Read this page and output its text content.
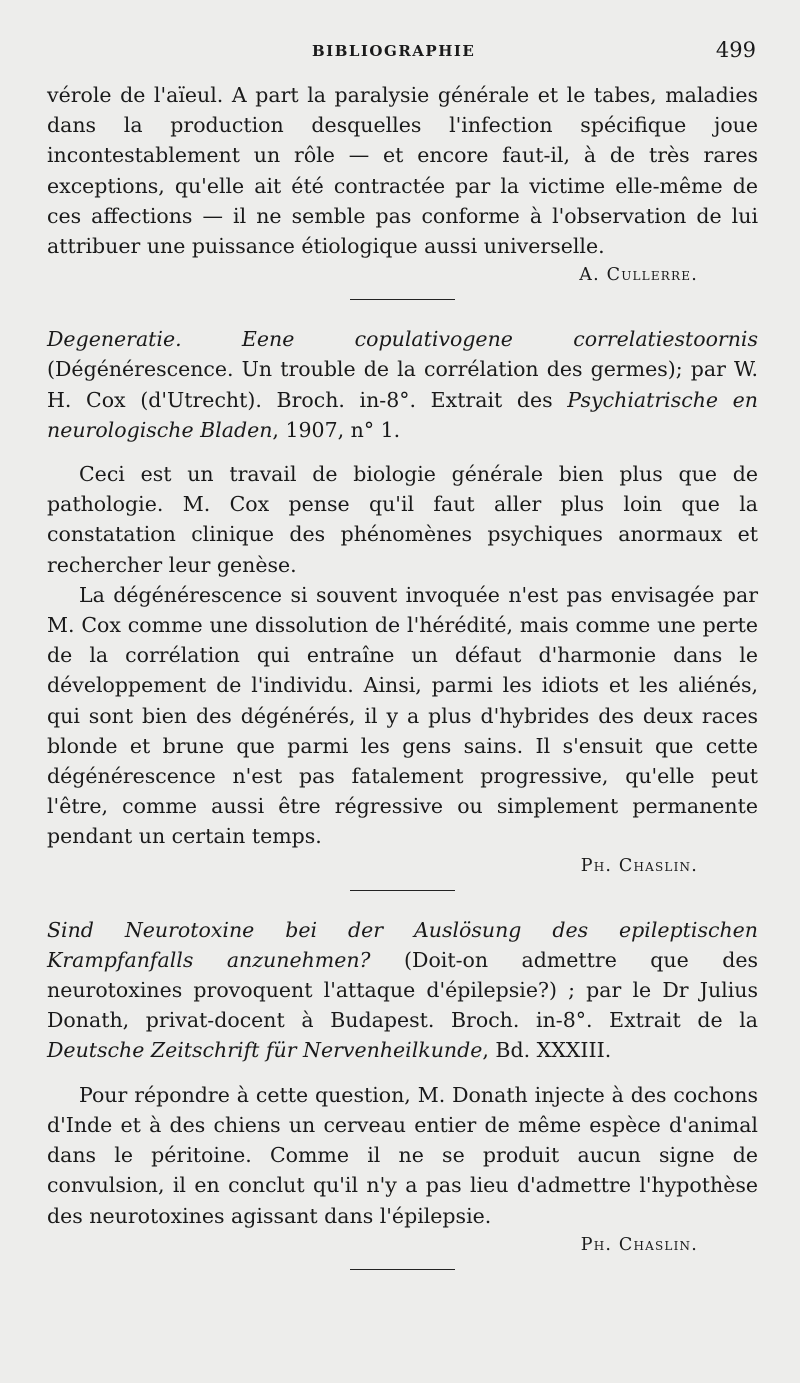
BIBLIOGRAPHIE	499

vérole de l'aïeul. A part la paralysie générale et le tabes, maladies dans la production desquelles l'infection spécifique joue incontestablement un rôle — et encore faut-il, à de très rares exceptions, qu'elle ait été contractée par la victime elle-même de ces affections — il ne semble pas conforme à l'observation de lui attribuer une puissance étiologique aussi universelle.

A. Cullerre.

Degeneratie. Eene copulativogene correlatiestoornis (Dégénérescence. Un trouble de la corrélation des germes); par W. H. Cox (d'Utrecht). Broch. in-8°. Extrait des Psychiatrische en neurologische Bladen, 1907, n° 1.

Ceci est un travail de biologie générale bien plus que de pathologie. M. Cox pense qu'il faut aller plus loin que la constatation clinique des phénomènes psychiques anormaux et rechercher leur genèse.

La dégénérescence si souvent invoquée n'est pas envisagée par M. Cox comme une dissolution de l'hérédité, mais comme une perte de la corrélation qui entraîne un défaut d'harmonie dans le développement de l'individu. Ainsi, parmi les idiots et les aliénés, qui sont bien des dégénérés, il y a plus d'hybrides des deux races blonde et brune que parmi les gens sains. Il s'ensuit que cette dégénérescence n'est pas fatalement progressive, qu'elle peut l'être, comme aussi être régressive ou simplement permanente pendant un certain temps.

Ph. Chaslin.

Sind Neurotoxine bei der Auslösung des epileptischen Krampfanfalls anzunehmen? (Doit-on admettre que des neurotoxines provoquent l'attaque d'épilepsie?) ; par le Dr Julius Donath, privat-docent à Budapest. Broch. in-8°. Extrait de la Deutsche Zeitschrift für Nervenheilkunde, Bd. XXXIII.

Pour répondre à cette question, M. Donath injecte à des cochons d'Inde et à des chiens un cerveau entier de même espèce d'animal dans le péritoine. Comme il ne se produit aucun signe de convulsion, il en conclut qu'il n'y a pas lieu d'admettre l'hypothèse des neurotoxines agissant dans l'épilepsie.

Ph. Chaslin.
